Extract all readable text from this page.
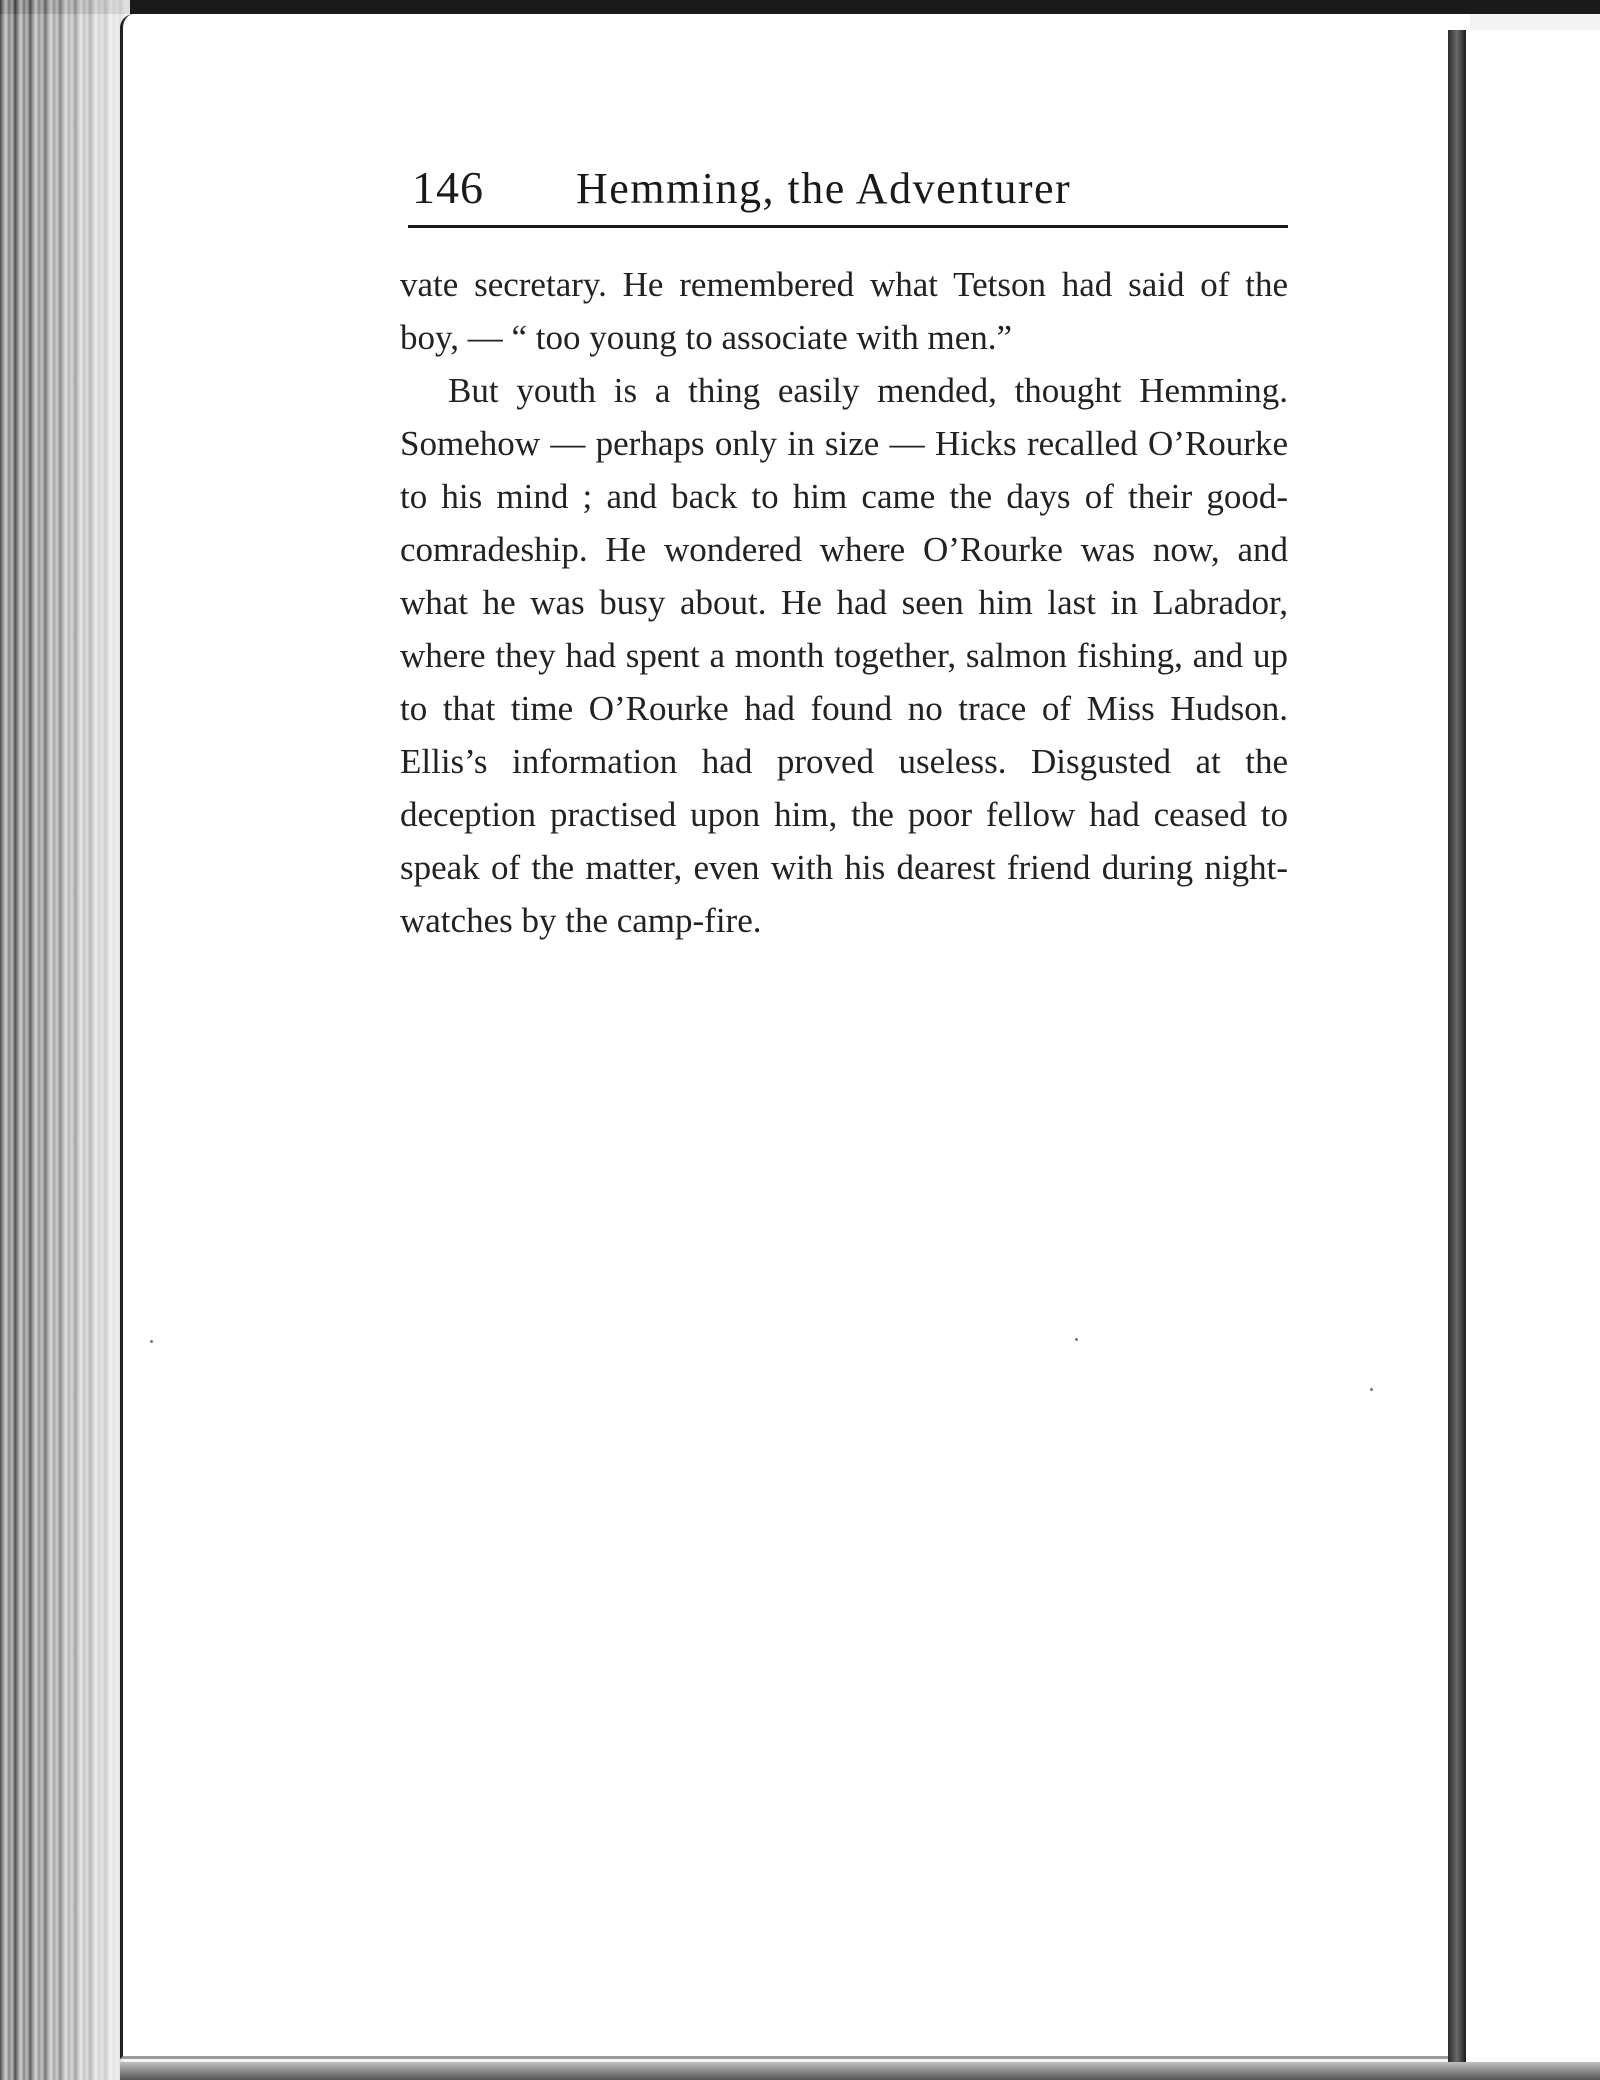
146 Hemming, the Adventurer

vate secretary. He remembered what Tetson had said of the boy, — “ too young to associate with men.”

But youth is a thing easily mended, thought Hemming. Somehow — perhaps only in size — Hicks recalled O’Rourke to his mind ; and back to him came the days of their good-comradeship. He wondered where O’Rourke was now, and what he was busy about. He had seen him last in Labrador, where they had spent a month together, salmon fishing, and up to that time O’Rourke had found no trace of Miss Hudson. Ellis’s information had proved useless. Disgusted at the deception practised upon him, the poor fellow had ceased to speak of the matter, even with his dearest friend during night-watches by the camp-fire.
